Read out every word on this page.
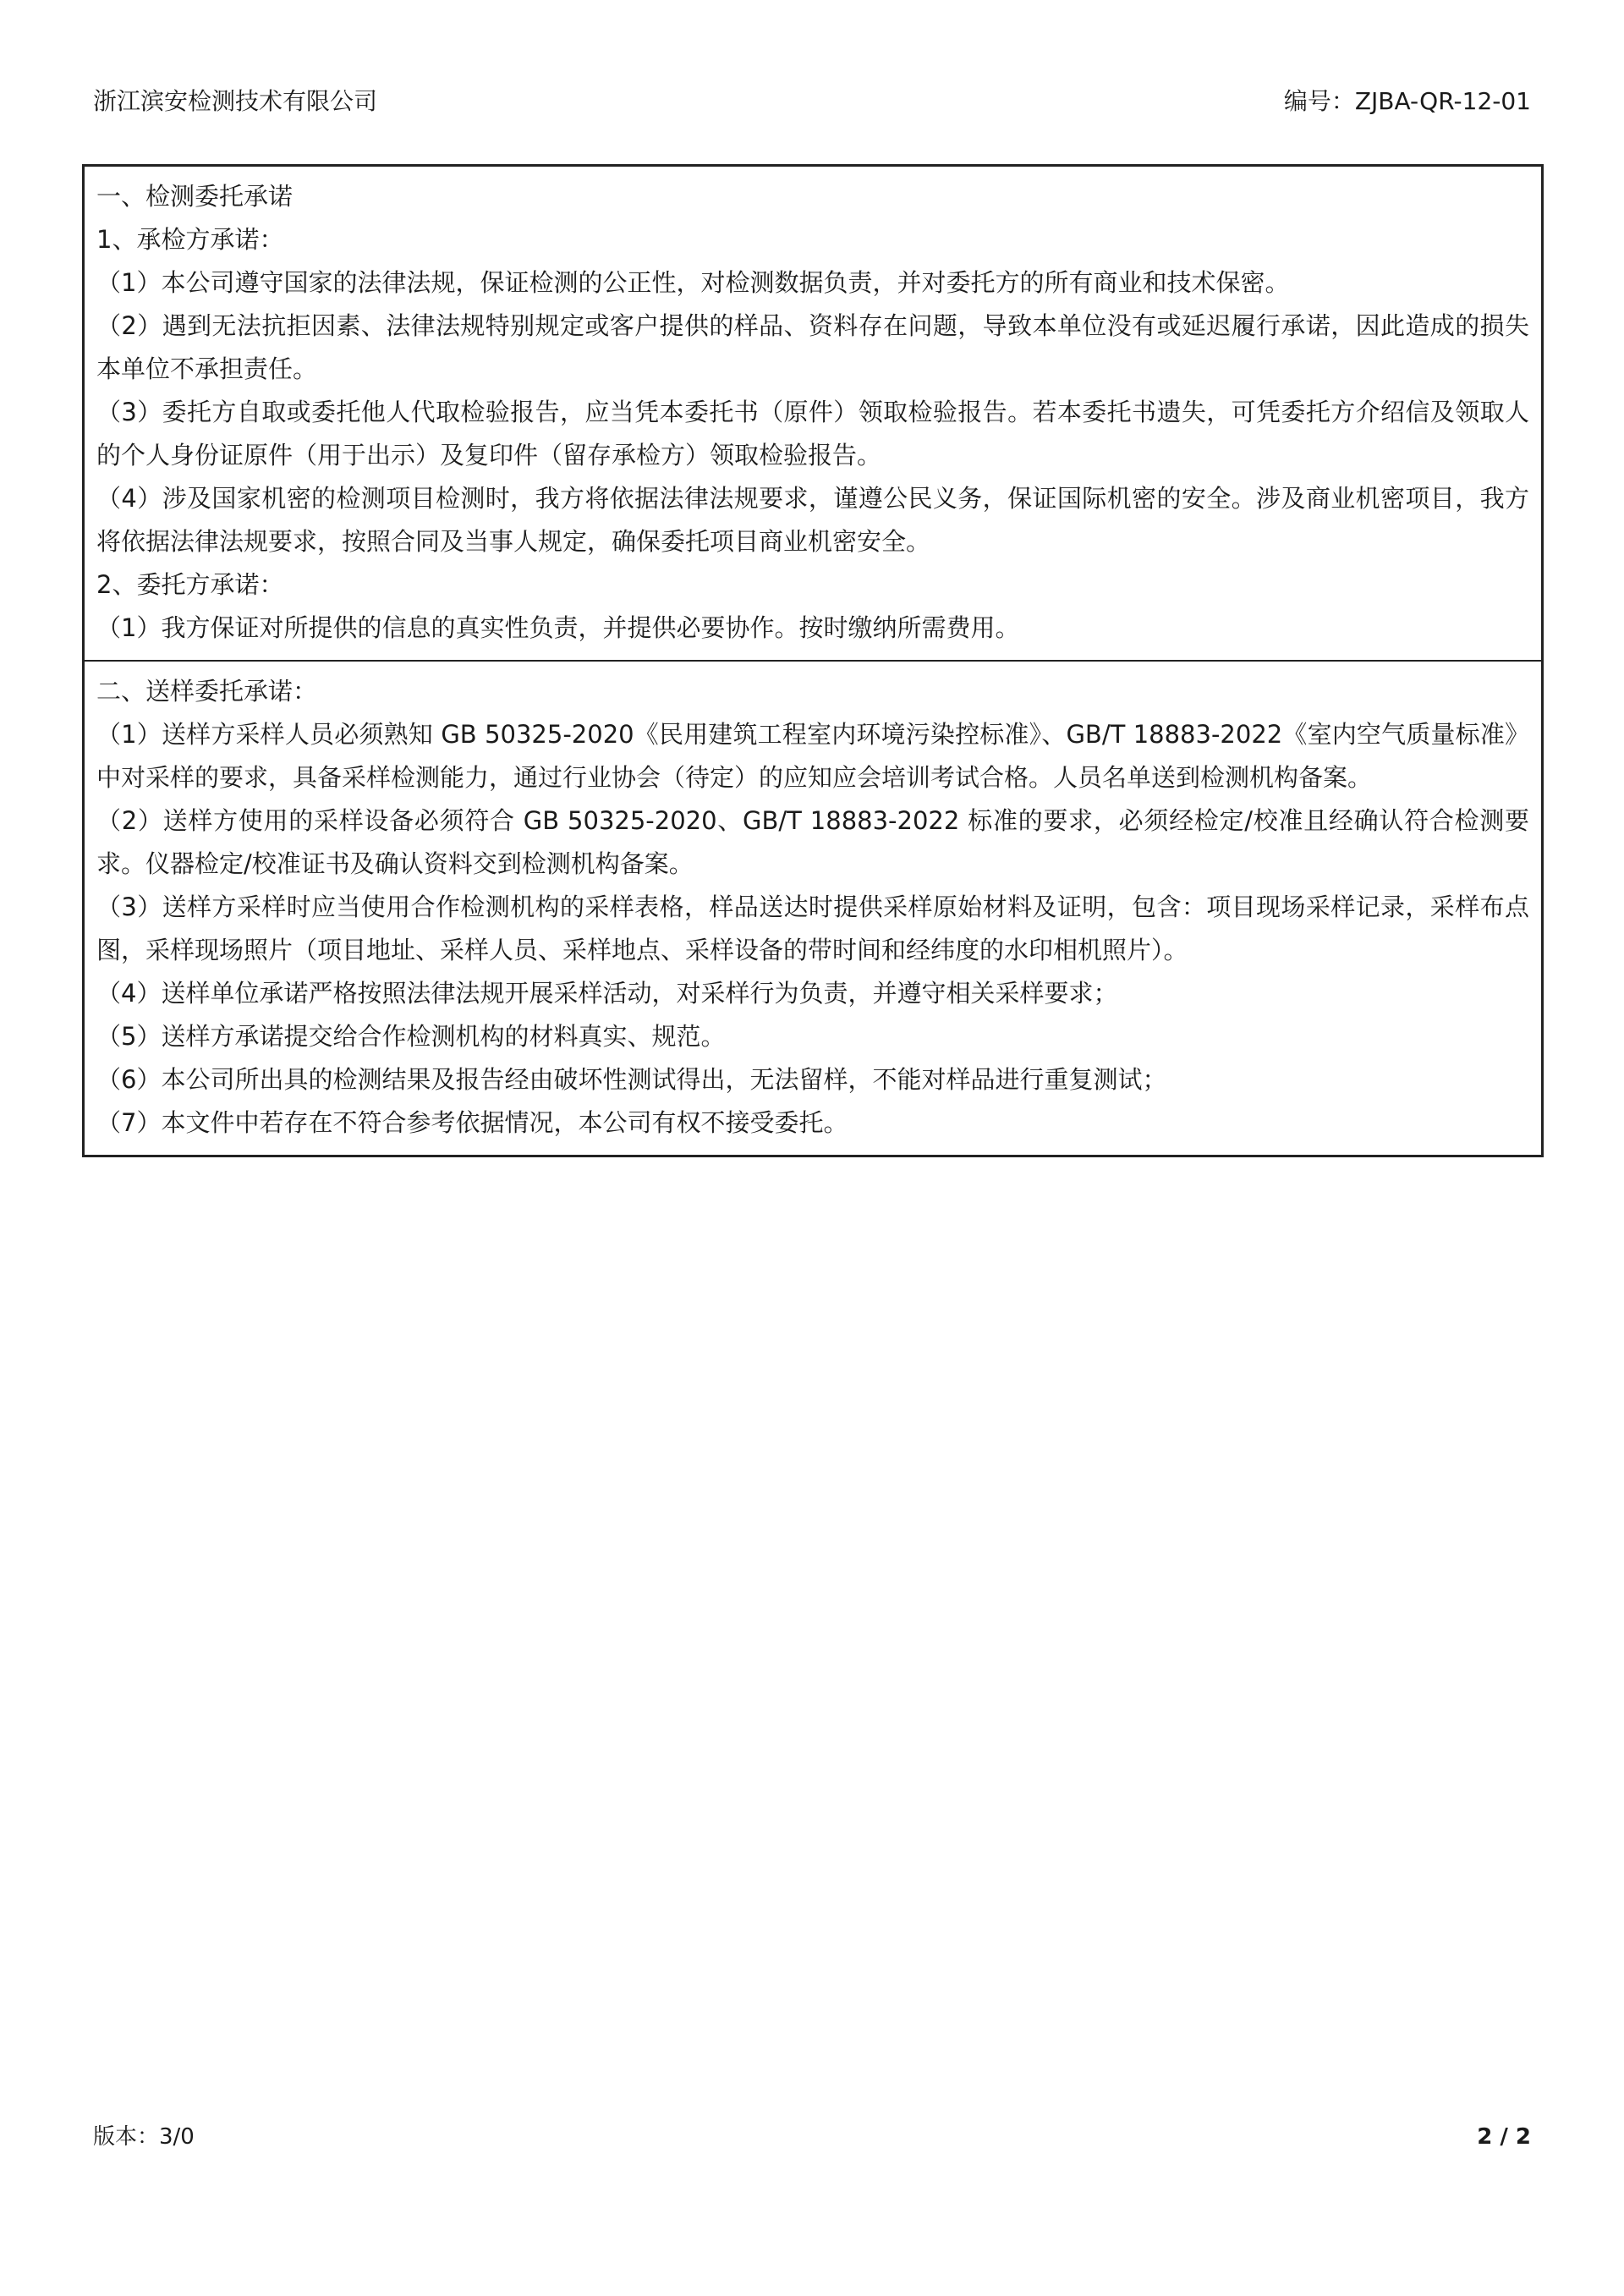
浙江滨安检测技术有限公司	编号：ZJBA-QR-12-01

一、检测委托承诺

1、承检方承诺：

（1）本公司遵守国家的法律法规，保证检测的公正性，对检测数据负责，并对委托方的所有商业和技术保密。

（2）遇到无法抗拒因素、法律法规特别规定或客户提供的样品、资料存在问题，导致本单位没有或延迟履行承诺，因此造成的损失本单位不承担责任。

（3）委托方自取或委托他人代取检验报告，应当凭本委托书（原件）领取检验报告。若本委托书遗失，可凭委托方介绍信及领取人的个人身份证原件（用于出示）及复印件（留存承检方）领取检验报告。

（4）涉及国家机密的检测项目检测时，我方将依据法律法规要求，谨遵公民义务，保证国际机密的安全。涉及商业机密项目，我方将依据法律法规要求，按照合同及当事人规定，确保委托项目商业机密安全。

2、委托方承诺：

（1）我方保证对所提供的信息的真实性负责，并提供必要协作。按时缴纳所需费用。

二、送样委托承诺：

（1）送样方采样人员必须熟知 GB 50325-2020《民用建筑工程室内环境污染控标准》、GB/T 18883-2022《室内空气质量标准》中对采样的要求，具备采样检测能力，通过行业协会（待定）的应知应会培训考试合格。人员名单送到检测机构备案。

（2）送样方使用的采样设备必须符合 GB 50325-2020、GB/T 18883-2022 标准的要求，必须经检定/校准且经确认符合检测要求。仪器检定/校准证书及确认资料交到检测机构备案。

（3）送样方采样时应当使用合作检测机构的采样表格，样品送达时提供采样原始材料及证明，包含：项目现场采样记录，采样布点图，采样现场照片（项目地址、采样人员、采样地点、采样设备的带时间和经纬度的水印相机照片）。

（4）送样单位承诺严格按照法律法规开展采样活动，对采样行为负责，并遵守相关采样要求；

（5）送样方承诺提交给合作检测机构的材料真实、规范。

（6）本公司所出具的检测结果及报告经由破坏性测试得出，无法留样，不能对样品进行重复测试；

（7）本文件中若存在不符合参考依据情况，本公司有权不接受委托。

版本：3/0	2 / 2
